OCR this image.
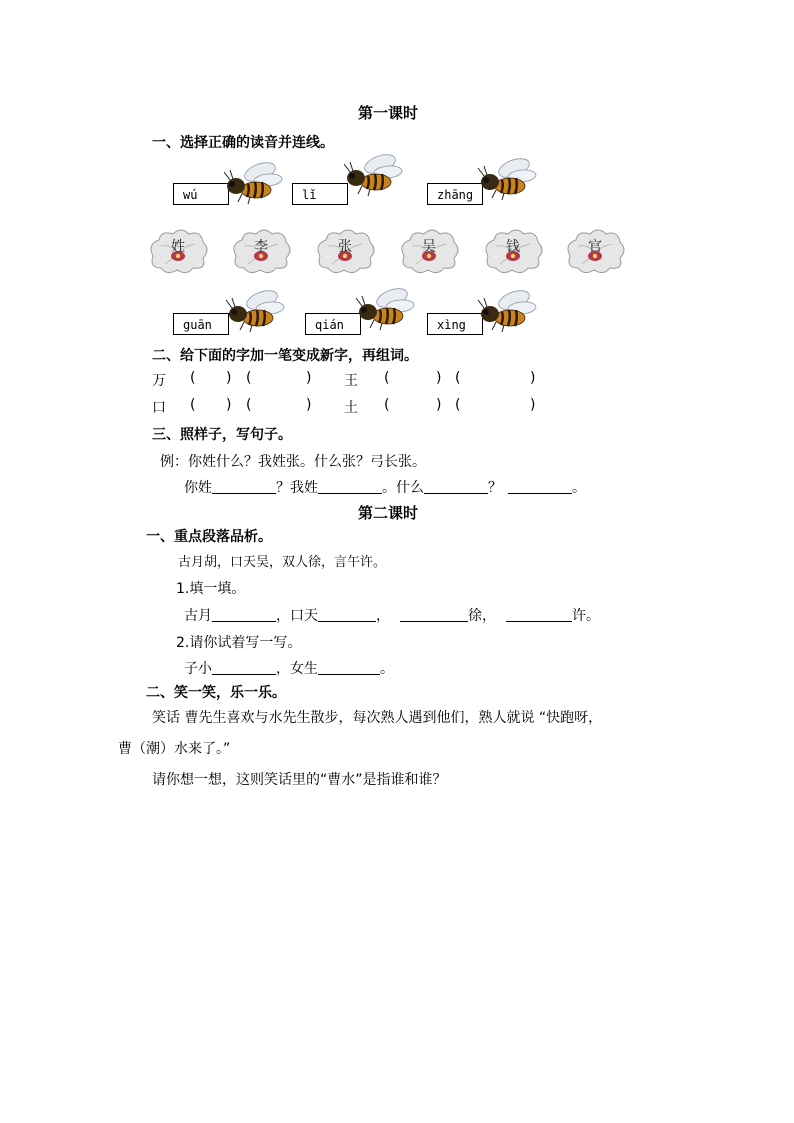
第一课时
一、选择正确的读音并连线。
wú	lǐ	zhāng
姓	李	张	吴	钱	官
guān	qián	xìng
二、给下面的字加一笔变成新字，再组词。
万 ( ) (	) 王 (	) (	)
口 ( ) (	) 土 (	) (	)
三、照样子，写句子。
例：你姓什么？我姓张。什么张？弓长张。
你姓	？我姓	。什么	？	。
第二课时
一、重点段落品析。
古月胡，口天吴，双人徐，言午许。
1.填一填。
古月	，口天	，	徐，	许。
2.请你试着写一写。
子小	，女生	。
二、笑一笑，乐一乐。
笑话 曹先生喜欢与水先生散步，每次熟人遇到他们，熟人就说 “快跑呀，
曹（潮）水来了。”
请你想一想，这则笑话里的“曹水”是指谁和谁？
